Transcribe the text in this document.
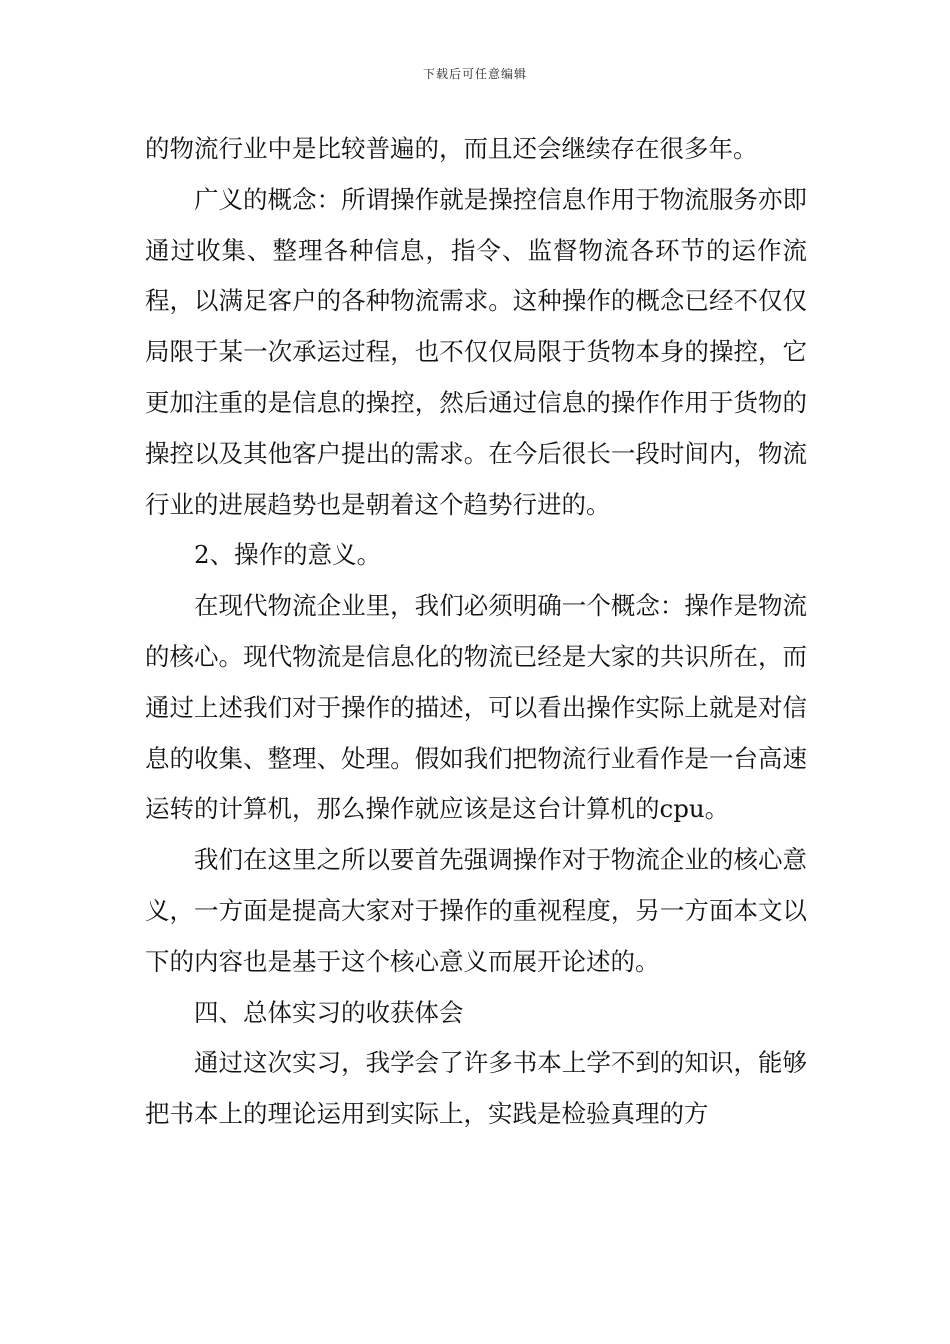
下载后可任意编辑

的物流行业中是比较普遍的，而且还会继续存在很多年。

广义的概念：所谓操作就是操控信息作用于物流服务亦即通过收集、整理各种信息，指令、监督物流各环节的运作流程，以满足客户的各种物流需求。这种操作的概念已经不仅仅局限于某一次承运过程，也不仅仅局限于货物本身的操控，它更加注重的是信息的操控，然后通过信息的操作作用于货物的操控以及其他客户提出的需求。在今后很长一段时间内，物流行业的进展趋势也是朝着这个趋势行进的。

2、操作的意义。

在现代物流企业里，我们必须明确一个概念：操作是物流的核心。现代物流是信息化的物流已经是大家的共识所在，而通过上述我们对于操作的描述，可以看出操作实际上就是对信息的收集、整理、处理。假如我们把物流行业看作是一台高速运转的计算机，那么操作就应该是这台计算机的cpu。

我们在这里之所以要首先强调操作对于物流企业的核心意义，一方面是提高大家对于操作的重视程度，另一方面本文以下的内容也是基于这个核心意义而展开论述的。

四、总体实习的收获体会

通过这次实习，我学会了许多书本上学不到的知识，能够把书本上的理论运用到实际上，实践是检验真理的方
